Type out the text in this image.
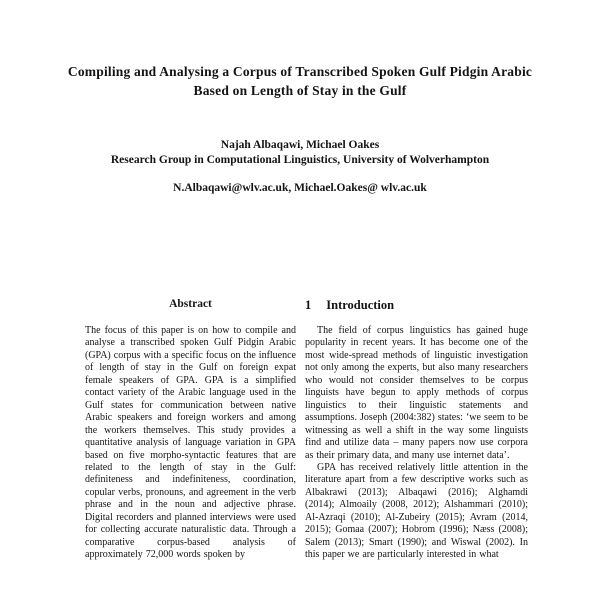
Compiling and Analysing a Corpus of Transcribed Spoken Gulf Pidgin Arabic
Based on Length of Stay in the Gulf
Najah Albaqawi, Michael Oakes
Research Group in Computational Linguistics, University of Wolverhampton
N.Albaqawi@wlv.ac.uk, Michael.Oakes@ wlv.ac.uk
Abstract

The focus of this paper is on how to compile and analyse a transcribed spoken Gulf Pidgin Arabic (GPA) corpus with a specific focus on the influence of length of stay in the Gulf on foreign expat female speakers of GPA. GPA is a simplified contact variety of the Arabic language used in the Gulf states for communication between native Arabic speakers and foreign workers and among the workers themselves. This study provides a quantitative analysis of language variation in GPA based on five morpho-syntactic features that are related to the length of stay in the Gulf: definiteness and indefiniteness, coordination, copular verbs, pronouns, and agreement in the verb phrase and in the noun and adjective phrase. Digital recorders and planned interviews were used for collecting accurate naturalistic data. Through a comparative corpus-based analysis of approximately 72,000 words spoken by

1 Introduction

The field of corpus linguistics has gained huge popularity in recent years. It has become one of the most wide-spread methods of linguistic investigation not only among the experts, but also many researchers who would not consider themselves to be corpus linguists have begun to apply methods of corpus linguistics to their linguistic statements and assumptions. Joseph (2004:382) states: ‘we seem to be witnessing as well a shift in the way some linguists find and utilize data – many papers now use corpora as their primary data, and many use internet data’.

GPA has received relatively little attention in the literature apart from a few descriptive works such as Albakrawi (2013); Albaqawi (2016); Alghamdi (2014); Almoaily (2008, 2012); Alshammari (2010); Al-Azraqi (2010); Al-Zubeiry (2015); Avram (2014, 2015); Gomaa (2007); Hobrom (1996); Næss (2008); Salem (2013); Smart (1990); and Wiswal (2002). In this paper we are particularly interested in what
